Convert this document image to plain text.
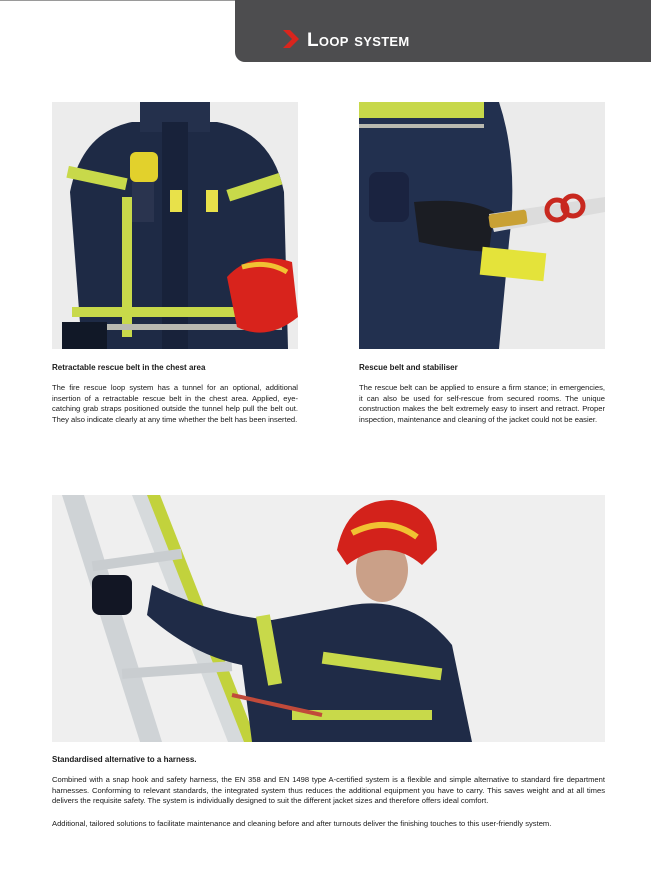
Loop system
Retractable rescue belt in the chest area

The fire rescue loop system has a tunnel for an optional, additional insertion of a retractable rescue belt in the chest area. Applied, eye-catching grab straps positioned outside the tunnel help pull the belt out. They also indicate clearly at any time whether the belt has been inserted.

Rescue belt and stabiliser

The rescue belt can be applied to ensure a firm stance; in emergencies, it can also be used for self-rescue from secured rooms. The unique construction makes the belt extremely easy to insert and retract. Proper inspection, maintenance and cleaning of the jacket could not be easier.

Standardised alternative to a harness.

Combined with a snap hook and safety harness, the EN 358 and EN 1498 type A-certified system is a flexible and simple alternative to standard fire department harnesses. Conforming to relevant standards, the integrated system thus reduces the additional equipment you have to carry. This saves weight and at all times delivers the requisite safety. The system is individually designed to suit the different jacket sizes and therefore offers ideal comfort.

Additional, tailored solutions to facilitate maintenance and cleaning before and after turnouts deliver the finishing touches to this user-friendly system.
